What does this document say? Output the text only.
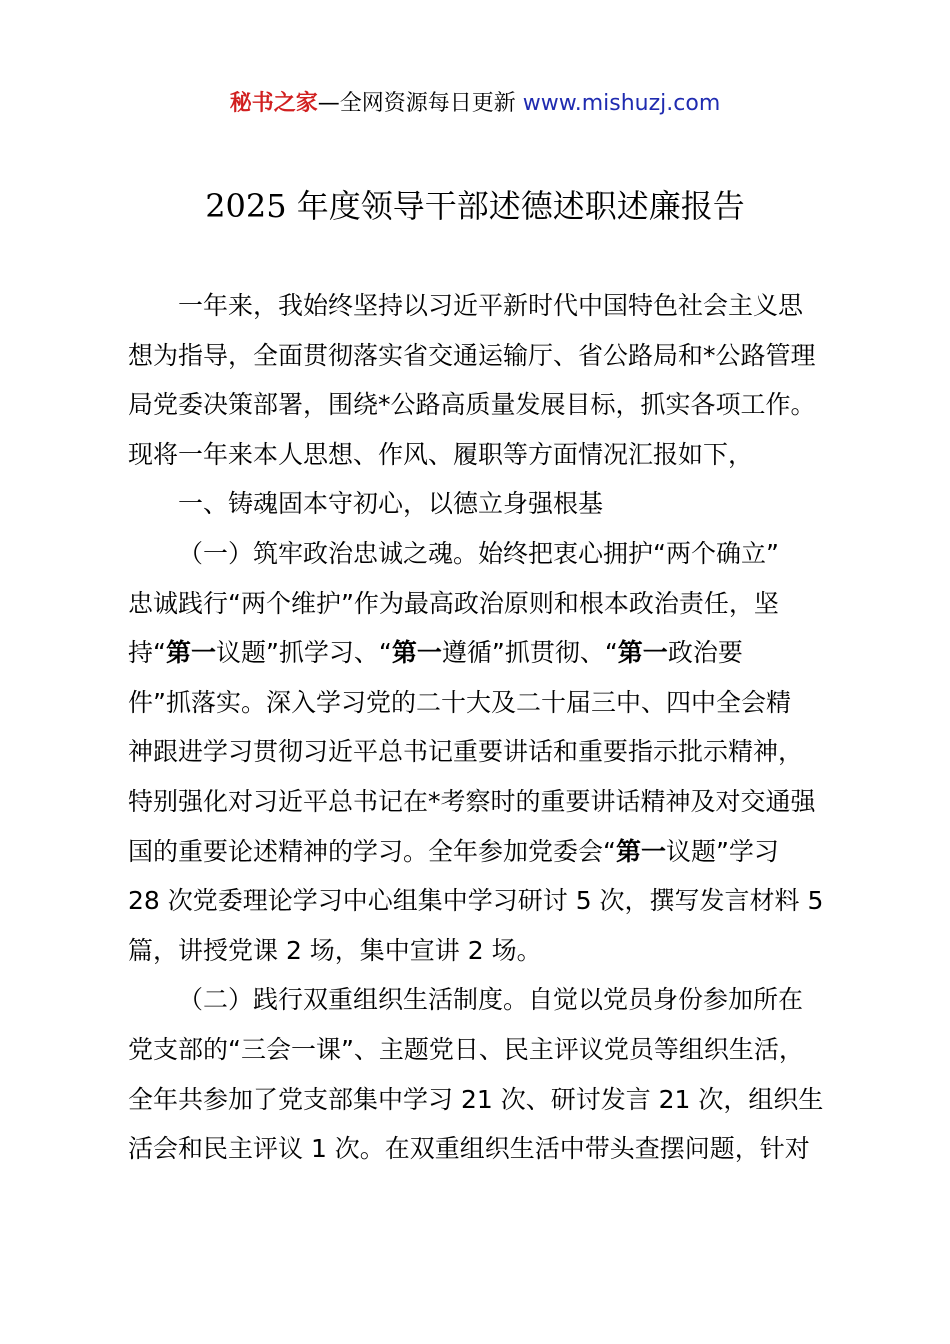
秘书之家—全网资源每日更新 www.mishuzj.com
2025 年度领导干部述德述职述廉报告
一年来，我始终坚持以习近平新时代中国特色社会主义思
想为指导，全面贯彻落实省交通运输厅、省公路局和*公路管理
局党委决策部署，围绕*公路高质量发展目标，抓实各项工作。
现将一年来本人思想、作风、履职等方面情况汇报如下，
一、铸魂固本守初心，以德立身强根基
（一）筑牢政治忠诚之魂。始终把衷心拥护“两个确立”
忠诚践行“两个维护”作为最高政治原则和根本政治责任，坚
持“第一议题”抓学习、“第一遵循”抓贯彻、“第一政治要
件”抓落实。深入学习党的二十大及二十届三中、四中全会精
神跟进学习贯彻习近平总书记重要讲话和重要指示批示精神，
特别强化对习近平总书记在*考察时的重要讲话精神及对交通强
国的重要论述精神的学习。全年参加党委会“第一议题”学习
28 次党委理论学习中心组集中学习研讨 5 次，撰写发言材料 5
篇，讲授党课 2 场，集中宣讲 2 场。
（二）践行双重组织生活制度。自觉以党员身份参加所在
党支部的“三会一课”、主题党日、民主评议党员等组织生活，
全年共参加了党支部集中学习 21 次、研讨发言 21 次，组织生
活会和民主评议 1 次。在双重组织生活中带头查摆问题，针对
